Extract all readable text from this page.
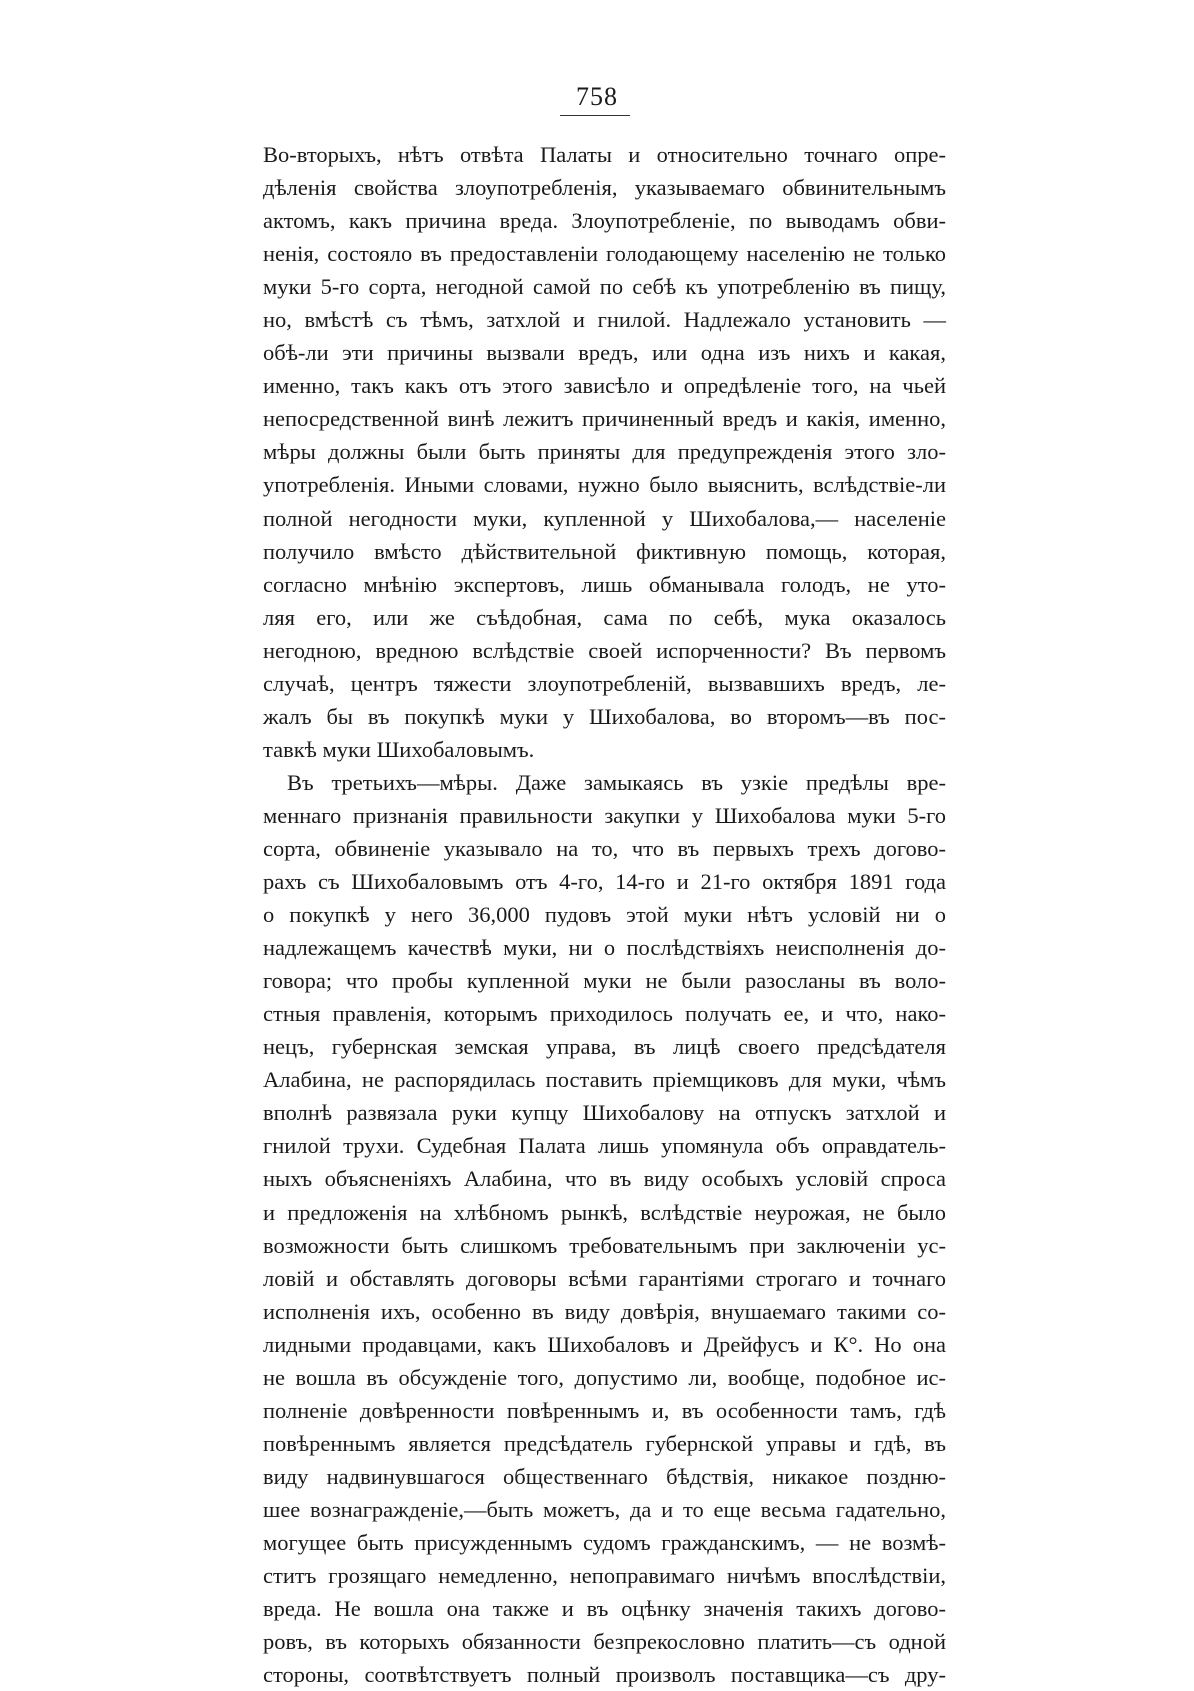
758
Во-вторыхъ, нѣтъ отвѣта Палаты и относительно точнаго опре-
дѣленія свойства злоупотребленія, указываемаго обвинительнымъ
актомъ, какъ причина вреда. Злоупотребленіе, по выводамъ обви-
ненія, состояло въ предоставленіи голодающему населенію не только
муки 5-го сорта, негодной самой по себѣ къ употребленію въ пищу,
но, вмѣстѣ съ тѣмъ, затхлой и гнилой. Надлежало установить —
обѣ-ли эти причины вызвали вредъ, или одна изъ нихъ и какая,
именно, такъ какъ отъ этого зависѣло и опредѣленіе того, на чьей
непосредственной винѣ лежитъ причиненный вредъ и какія, именно,
мѣры должны были быть приняты для предупрежденія этого зло-
употребленія. Иными словами, нужно было выяснить, вслѣдствіе-ли
полной негодности муки, купленной у Шихобалова,— населеніе
получило вмѣсто дѣйствительной фиктивную помощь, которая,
согласно мнѣнію экспертовъ, лишь обманывала голодъ, не уто-
ляя его, или же съѣдобная, сама по себѣ, мука оказалось
негодною, вредною вслѣдствіе своей испорченности? Въ первомъ
случаѣ, центръ тяжести злоупотребленій, вызвавшихъ вредъ, ле-
жалъ бы въ покупкѣ муки у Шихобалова, во второмъ—въ пос-
тавкѣ муки Шихобаловымъ.
Въ третьихъ—мѣры. Даже замыкаясь въ узкіе предѣлы вре-
меннаго признанія правильности закупки у Шихобалова муки 5-го
сорта, обвиненіе указывало на то, что въ первыхъ трехъ догово-
рахъ съ Шихобаловымъ отъ 4-го, 14-го и 21-го октября 1891 года
о покупкѣ у него 36,000 пудовъ этой муки нѣтъ условій ни о
надлежащемъ качествѣ муки, ни о послѣдствіяхъ неисполненія до-
говора; что пробы купленной муки не были разосланы въ воло-
стныя правленія, которымъ приходилось получать ее, и что, нако-
нецъ, губернская земская управа, въ лицѣ своего предсѣдателя
Алабина, не распорядилась поставить пріемщиковъ для муки, чѣмъ
вполнѣ развязала руки купцу Шихобалову на отпускъ затхлой и
гнилой трухи. Судебная Палата лишь упомянула объ оправдатель-
ныхъ объясненіяхъ Алабина, что въ виду особыхъ условій спроса
и предложенія на хлѣбномъ рынкѣ, вслѣдствіе неурожая, не было
возможности быть слишкомъ требовательнымъ при заключеніи ус-
ловій и обставлять договоры всѣми гарантіями строгаго и точнаго
исполненія ихъ, особенно въ виду довѣрія, внушаемаго такими со-
лидными продавцами, какъ Шихобаловъ и Дрейфусъ и К°. Но она
не вошла въ обсужденіе того, допустимо ли, вообще, подобное ис-
полненіе довѣренности повѣреннымъ и, въ особенности тамъ, гдѣ
повѣреннымъ является предсѣдатель губернской управы и гдѣ, въ
виду надвинувшагося общественнаго бѣдствія, никакое поздню-
шее вознагражденіе,—быть можетъ, да и то еще весьма гадательно,
могущее быть присужденнымъ судомъ гражданскимъ, — не возмѣ-
ститъ грозящаго немедленно, непоправимаго ничѣмъ впослѣдствіи,
вреда. Не вошла она также и въ оцѣнку значенія такихъ догово-
ровъ, въ которыхъ обязанности безпрекословно платить—съ одной
стороны, соотвѣтствуетъ полный произволъ поставщика—съ дру-
